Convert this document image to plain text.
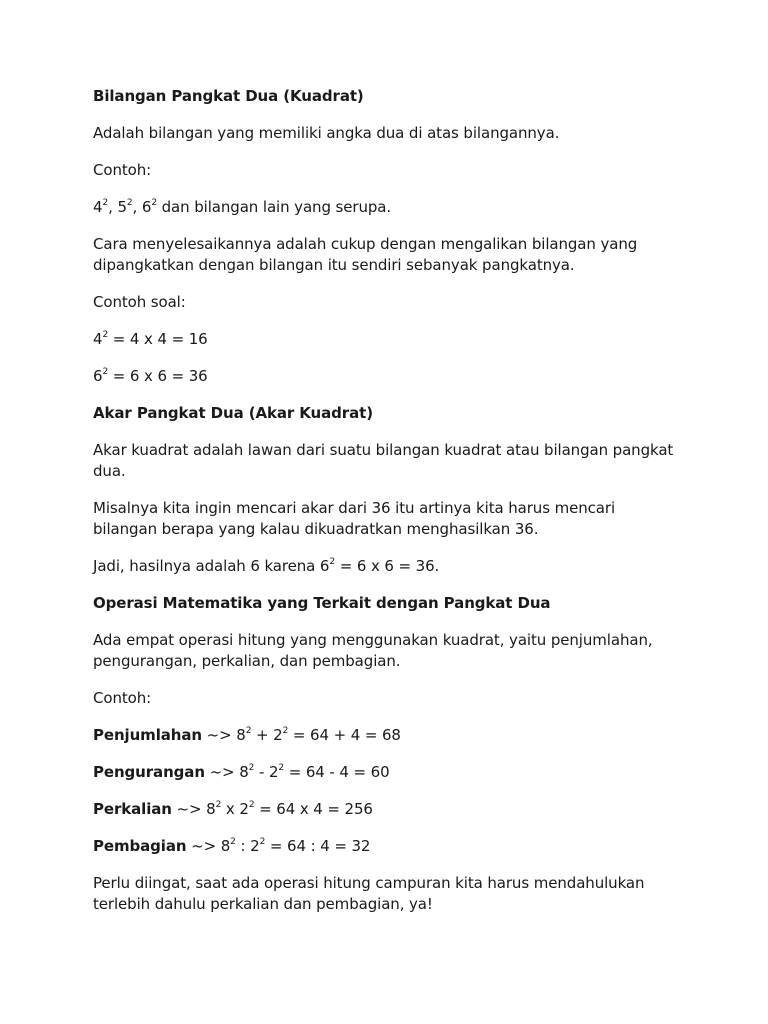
Bilangan Pangkat Dua (Kuadrat)

Adalah bilangan yang memiliki angka dua di atas bilangannya.

Contoh:

$4^2$, $5^2$, $6^2$ dan bilangan lain yang serupa.

Cara menyelesaikannya adalah cukup dengan mengalikan bilangan yang dipangkatkan dengan bilangan itu sendiri sebanyak pangkatnya.

Contoh soal:

$4^2 = 4$ x 4 = 16

$6^2 = 6$ x 6 = 36

Akar Pangkat Dua (Akar Kuadrat)

Akar kuadrat adalah lawan dari suatu bilangan kuadrat atau bilangan pangkat dua.

Misalnya kita ingin mencari akar dari 36 itu artinya kita harus mencari bilangan berapa yang kalau dikuadratkan menghasilkan 36.

Jadi, hasilnya adalah 6 karena $6^2 = 6$ x 6 = 36.

Operasi Matematika yang Terkait dengan Pangkat Dua

Ada empat operasi hitung yang menggunakan kuadrat, yaitu penjumlahan, pengurangan, perkalian, dan pembagian.

Contoh:

Penjumlahan ~> $8^2 + 2^2 = 64 + 4 = 68$

Pengurangan ~> $8^2 - 2^2 = 64 - 4 = 60$

Perkalian ~> $8^2$ x $2^2 = 64$ x 4 = 256

Pembagian ~> $8^2$ : $2^2 = 64$ : 4 = 32

Perlu diingat, saat ada operasi hitung campuran kita harus mendahulukan terlebih dahulu perkalian dan pembagian, ya!
